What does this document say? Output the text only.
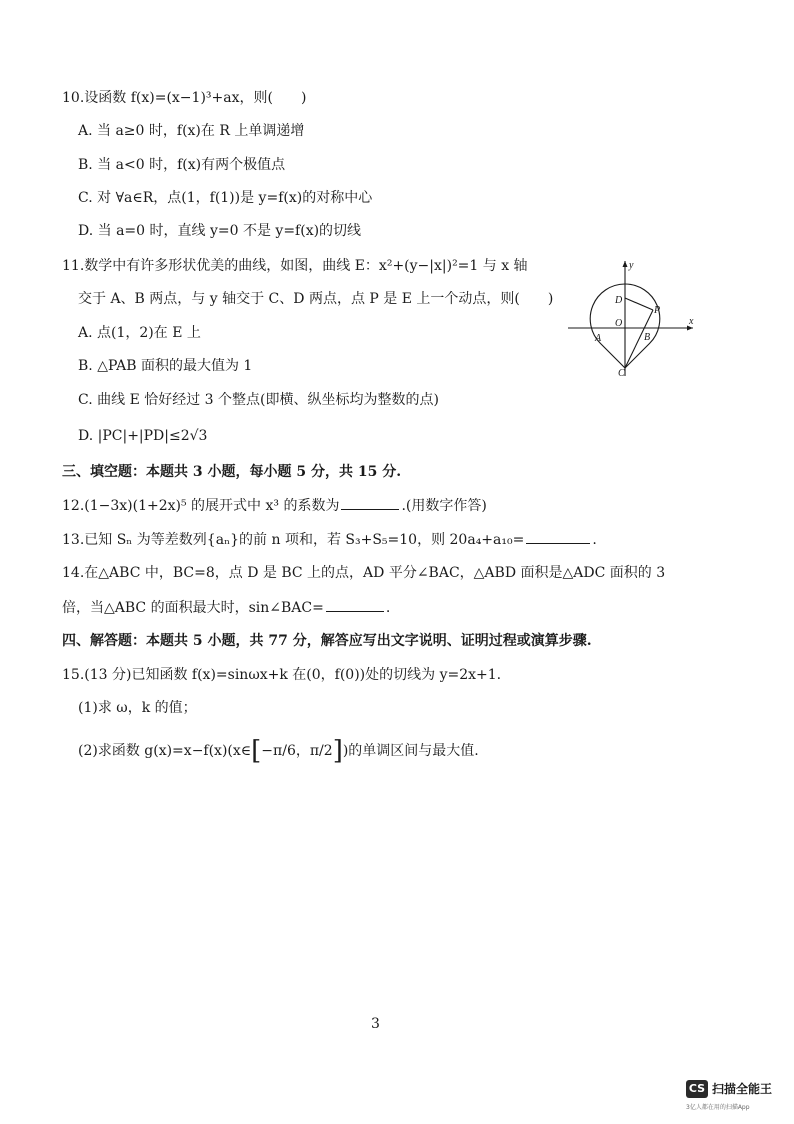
10.设函数 f(x)=(x−1)³+ax，则(　　)
A. 当 a≥0 时，f(x)在 R 上单调递增
B. 当 a<0 时，f(x)有两个极值点
C. 对 ∀a∈R，点(1，f(1))是 y=f(x)的对称中心
D. 当 a=0 时，直线 y=0 不是 y=f(x)的切线
11.数学中有许多形状优美的曲线，如图，曲线 E：x²+(y−|x|)²=1 与 x 轴
交于 A、B 两点，与 y 轴交于 C、D 两点，点 P 是 E 上一个动点，则(　　)
A. 点(1，2)在 E 上
B. △PAB 面积的最大值为 1
C. 曲线 E 恰好经过 3 个整点(即横、纵坐标均为整数的点)
D. |PC|+|PD|≤2√3
x
y
O
A	B
C
D
P
三、填空题：本题共 3 小题，每小题 5 分，共 15 分.
12.(1−3x)(1+2x)⁵ 的展开式中 x³ 的系数为	.(用数字作答)
13.已知 Sₙ 为等差数列{aₙ}的前 n 项和，若 S₃+S₅=10，则 20a₄+a₁₀=	.
14.在△ABC 中，BC=8，点 D 是 BC 上的点，AD 平分∠BAC，△ABD 面积是△ADC 面积的 3
倍，当△ABC 的面积最大时，sin∠BAC=	.
四、解答题：本题共 5 小题，共 77 分，解答应写出文字说明、证明过程或演算步骤.
15.(13 分)已知函数 f(x)=sinωx+k 在(0，f(0))处的切线为 y=2x+1.
(1)求 ω，k 的值；
(2)求函数 g(x)=x−f(x)(x∈[−π/6，π/2])的单调区间与最大值.
3
CS 扫描全能王
3亿人都在用的扫描App
